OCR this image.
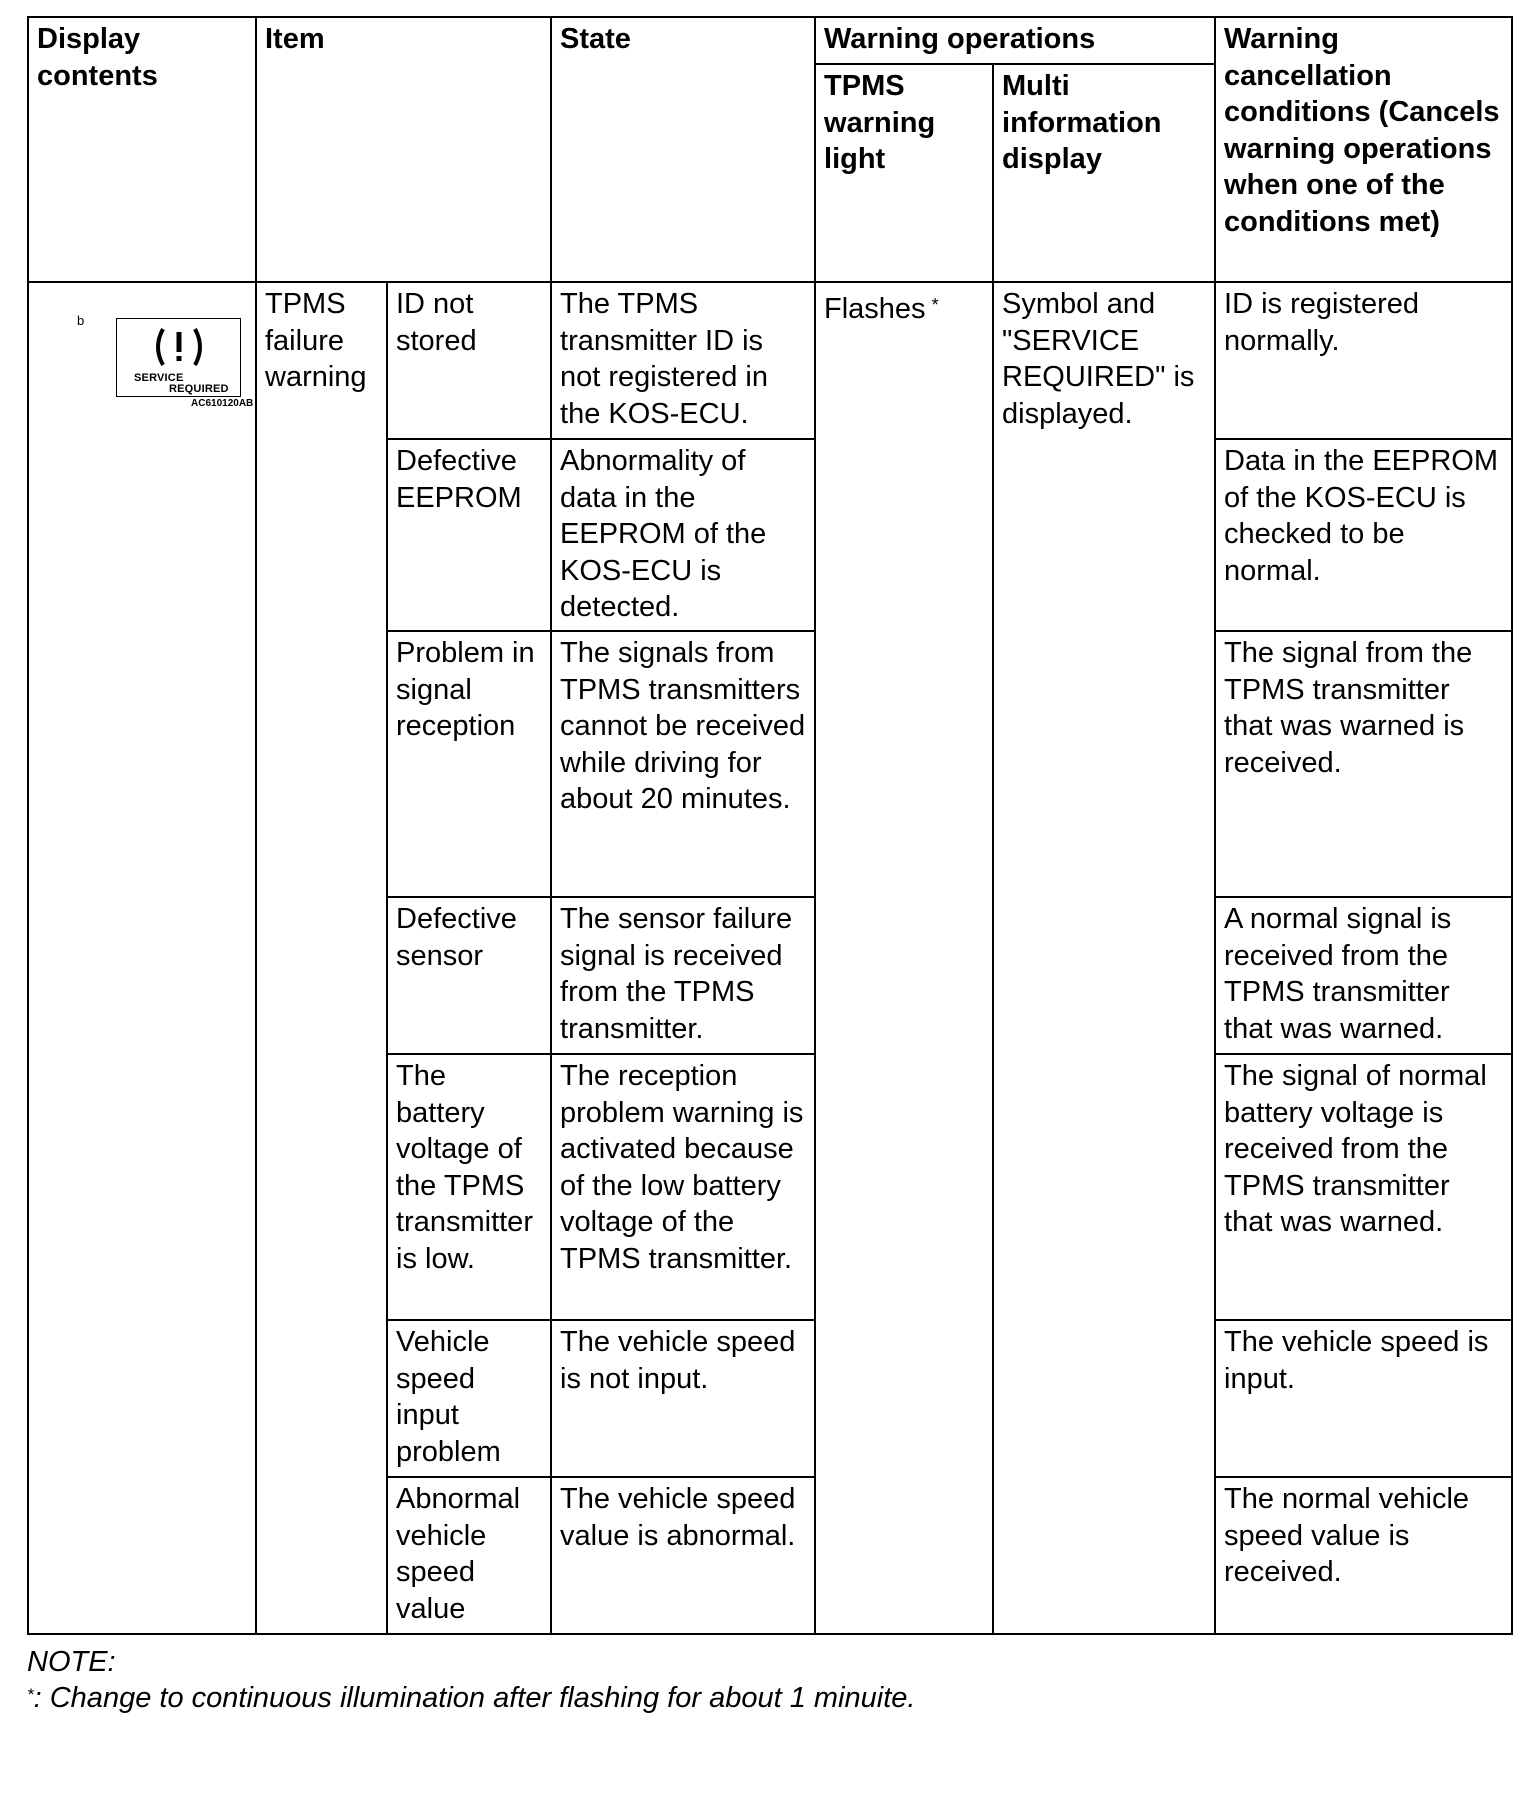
Display contents	Item		State	Warning operations		Warning cancellation conditions (Cancels warning operations when one of the conditions met)
				TPMS warning light	Multi information display	

b
SERVICE
REQUIRED
AC610120AB	TPMS failure warning	ID not stored	The TPMS transmitter ID is not registered in the KOS-ECU.	Flashes *	Symbol and "SERVICE REQUIRED" is displayed.	ID is registered normally.
		Defective EEPROM	Abnormality of data in the EEPROM of the KOS-ECU is detected.			Data in the EEPROM of the KOS-ECU is checked to be normal.
		Problem in signal reception	The signals from TPMS transmitters cannot be received while driving for about 20 minutes.			The signal from the TPMS transmitter that was warned is received.
		Defective sensor	The sensor failure signal is received from the TPMS transmitter.			A normal signal is received from the TPMS transmitter that was warned.
		The battery voltage of the TPMS transmitter is low.	The reception problem warning is activated because of the low battery voltage of the TPMS transmitter.			The signal of normal battery voltage is received from the TPMS transmitter that was warned.
		Vehicle speed input problem	The vehicle speed is not input.			The vehicle speed is input.
		Abnormal vehicle speed value	The vehicle speed value is abnormal.			The normal vehicle speed value is received.
NOTE:
*: Change to continuous illumination after flashing for about 1 minuite.
